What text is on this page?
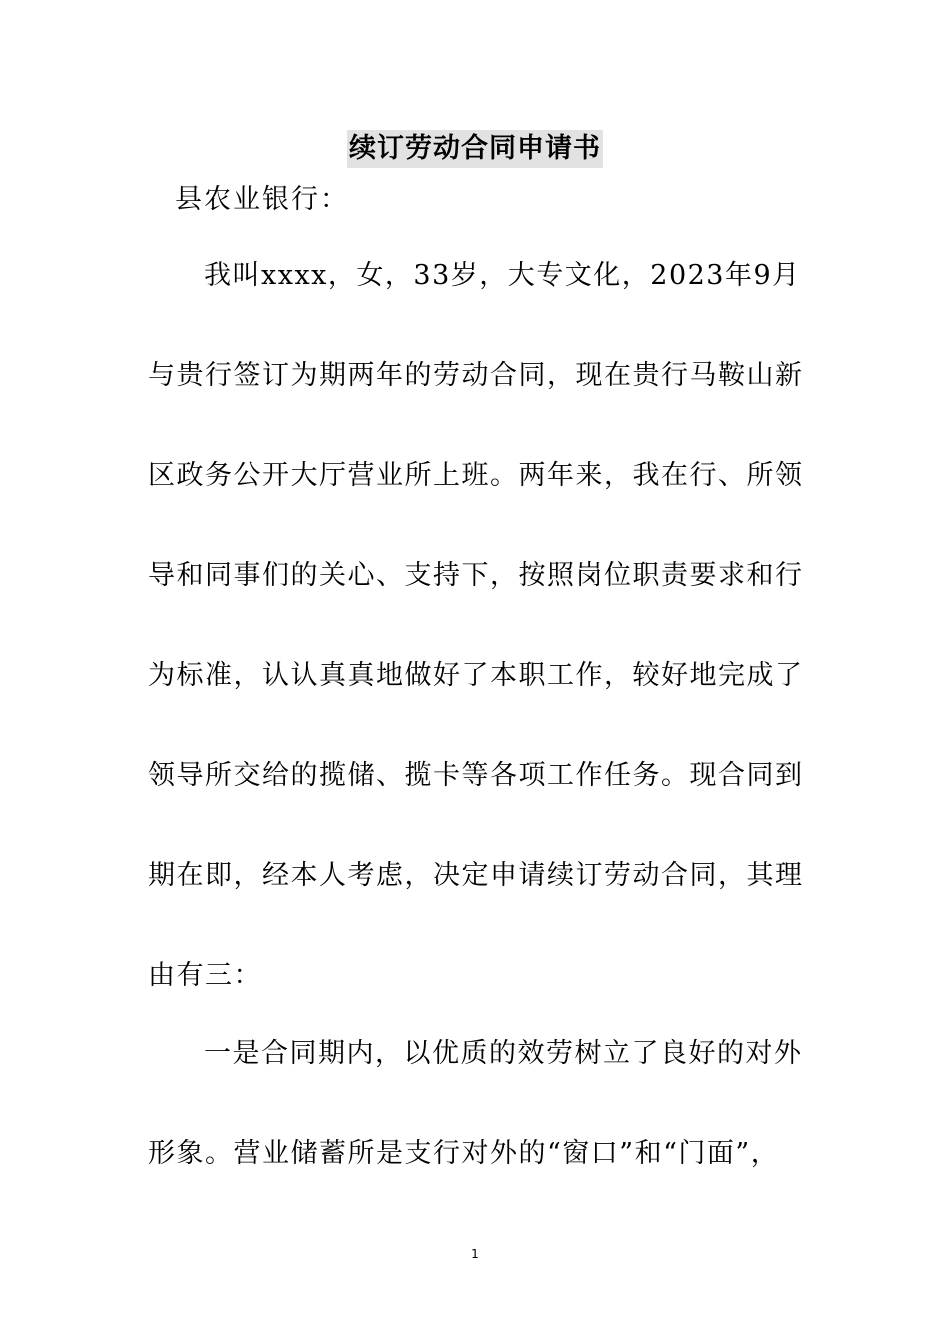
续订劳动合同申请书
县农业银行：
我叫xxxx，女，33岁，大专文化，2023年9月
与贵行签订为期两年的劳动合同，现在贵行马鞍山新
区政务公开大厅营业所上班。两年来，我在行、所领
导和同事们的关心、支持下，按照岗位职责要求和行
为标准，认认真真地做好了本职工作，较好地完成了
领导所交给的揽储、揽卡等各项工作任务。现合同到
期在即，经本人考虑，决定申请续订劳动合同，其理
由有三：
一是合同期内，以优质的效劳树立了良好的对外
形象。营业储蓄所是支行对外的“窗口”和“门面”，
1
